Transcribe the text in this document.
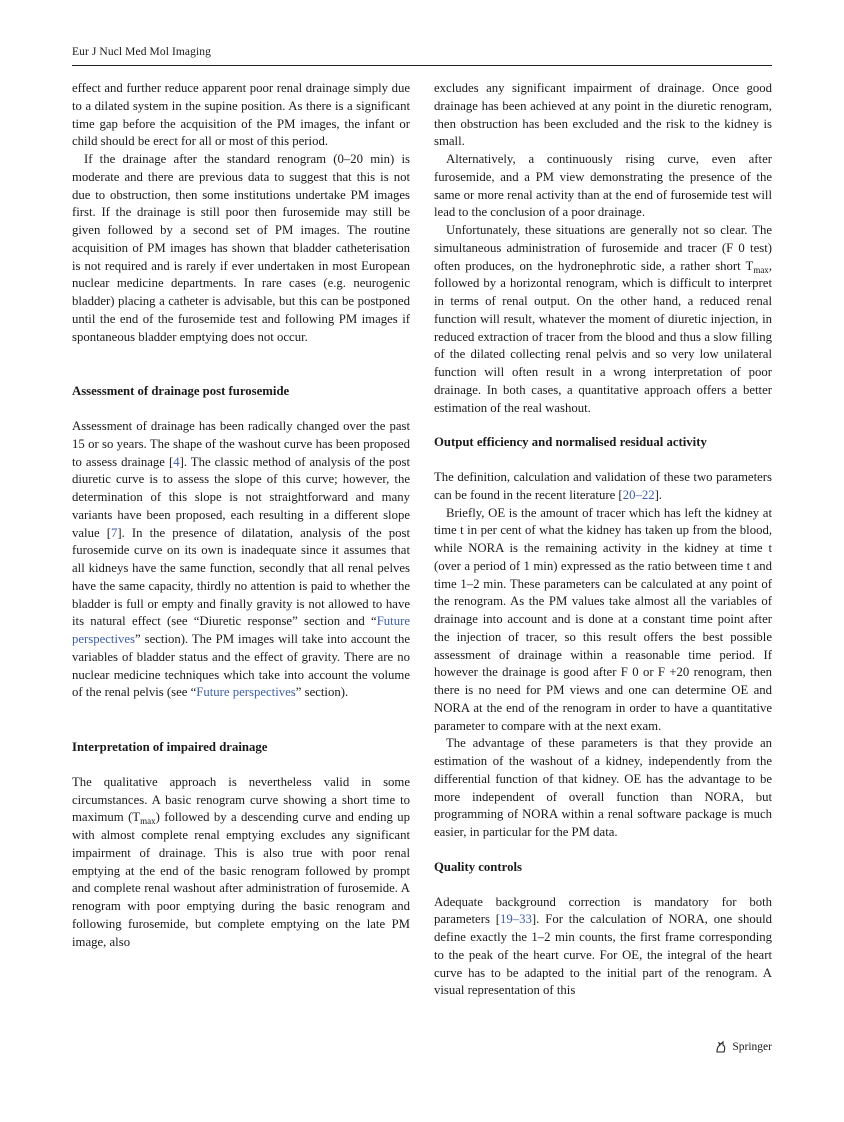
Eur J Nucl Med Mol Imaging

effect and further reduce apparent poor renal drainage simply due to a dilated system in the supine position. As there is a significant time gap before the acquisition of the PM images, the infant or child should be erect for all or most of this period.

If the drainage after the standard renogram (0–20 min) is moderate and there are previous data to suggest that this is not due to obstruction, then some institutions undertake PM images first. If the drainage is still poor then furosemide may still be given followed by a second set of PM images. The routine acquisition of PM images has shown that bladder catheterisation is not required and is rarely if ever undertaken in most European nuclear medicine departments. In rare cases (e.g. neurogenic bladder) placing a catheter is advisable, but this can be postponed until the end of the furosemide test and following PM images if spontaneous bladder emptying does not occur.

Assessment of drainage post furosemide

Assessment of drainage has been radically changed over the past 15 or so years. The shape of the washout curve has been proposed to assess drainage [4]. The classic method of analysis of the post diuretic curve is to assess the slope of this curve; however, the determination of this slope is not straightforward and many variants have been proposed, each resulting in a different slope value [7]. In the presence of dilatation, analysis of the post furosemide curve on its own is inadequate since it assumes that all kidneys have the same function, secondly that all renal pelves have the same capacity, thirdly no attention is paid to whether the bladder is full or empty and finally gravity is not allowed to have its natural effect (see “Diuretic response” section and “Future perspectives” section). The PM images will take into account the variables of bladder status and the effect of gravity. There are no nuclear medicine techniques which take into account the volume of the renal pelvis (see “Future perspectives” section).

Interpretation of impaired drainage

The qualitative approach is nevertheless valid in some circumstances. A basic renogram curve showing a short time to maximum $(T_{max})$ followed by a descending curve and ending up with almost complete renal emptying excludes any significant impairment of drainage. This is also true with poor renal emptying at the end of the basic renogram followed by prompt and complete renal washout after administration of furosemide. A renogram with poor emptying during the basic renogram and following furosemide, but complete emptying on the late PM image, also

excludes any significant impairment of drainage. Once good drainage has been achieved at any point in the diuretic renogram, then obstruction has been excluded and the risk to the kidney is small.

Alternatively, a continuously rising curve, even after furosemide, and a PM view demonstrating the presence of the same or more renal activity than at the end of furosemide test will lead to the conclusion of a poor drainage.

Unfortunately, these situations are generally not so clear. The simultaneous administration of furosemide and tracer (F 0 test) often produces, on the hydronephrotic side, a rather short $T_{max}$, followed by a horizontal renogram, which is difficult to interpret in terms of renal output. On the other hand, a reduced renal function will result, whatever the moment of diuretic injection, in reduced extraction of tracer from the blood and thus a slow filling of the dilated collecting renal pelvis and so very low unilateral function will often result in a wrong interpretation of poor drainage. In both cases, a quantitative approach offers a better estimation of the real washout.

Output efficiency and normalised residual activity

The definition, calculation and validation of these two parameters can be found in the recent literature [20–22].

Briefly, OE is the amount of tracer which has left the kidney at time t in per cent of what the kidney has taken up from the blood, while NORA is the remaining activity in the kidney at time t (over a period of 1 min) expressed as the ratio between time t and time 1–2 min. These parameters can be calculated at any point of the renogram. As the PM values take almost all the variables of drainage into account and is done at a constant time point after the injection of tracer, so this result offers the best possible assessment of drainage within a reasonable time period. If however the drainage is good after F 0 or F +20 renogram, then there is no need for PM views and one can determine OE and NORA at the end of the renogram in order to have a quantitative parameter to compare with at the next exam.

The advantage of these parameters is that they provide an estimation of the washout of a kidney, independently from the differential function of that kidney. OE has the advantage to be more independent of overall function than NORA, but programming of NORA within a renal software package is much easier, in particular for the PM data.

Quality controls

Adequate background correction is mandatory for both parameters [19–33]. For the calculation of NORA, one should define exactly the 1–2 min counts, the first frame corresponding to the peak of the heart curve. For OE, the integral of the heart curve has to be adapted to the initial part of the renogram. A visual representation of this

Springer
